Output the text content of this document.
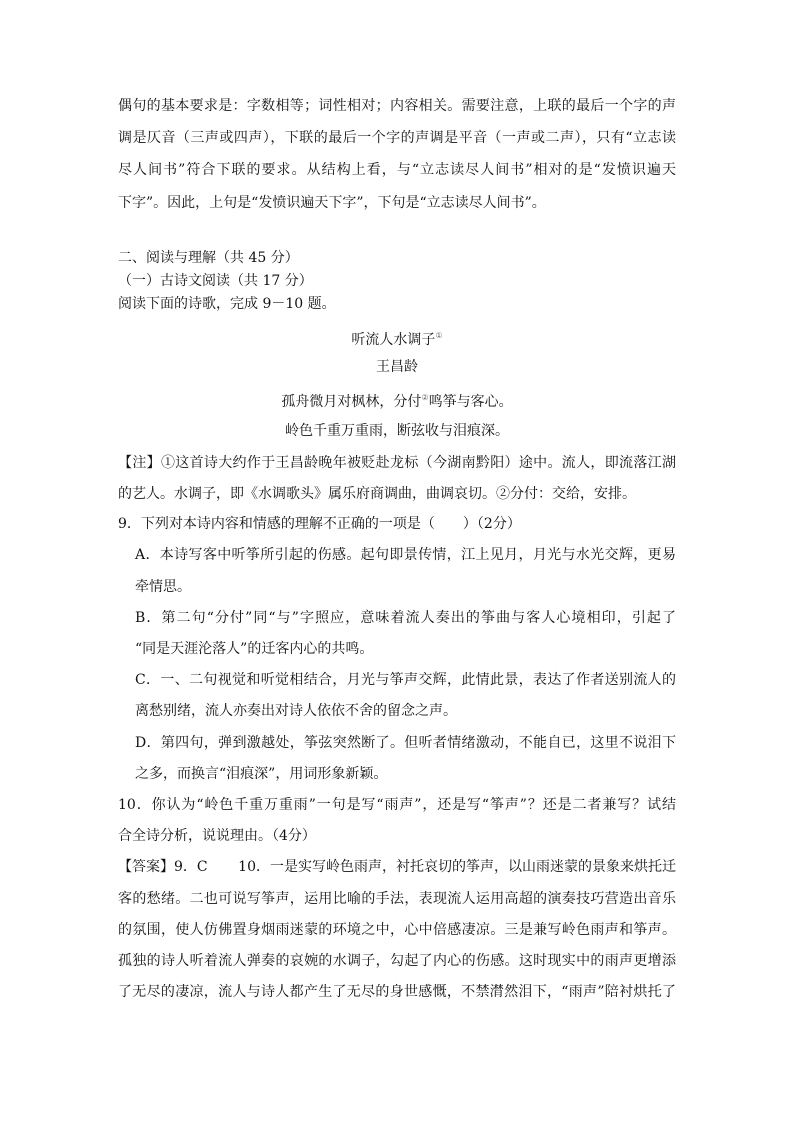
偶句的基本要求是：字数相等；词性相对；内容相关。需要注意，上联的最后一个字的声
调是仄音（三声或四声），下联的最后一个字的声调是平音（一声或二声），只有“立志读
尽人间书”符合下联的要求。从结构上看，与“立志读尽人间书”相对的是“发愤识遍天
下字”。因此，上句是“发愤识遍天下字”，下句是“立志读尽人间书”。
二、阅读与理解（共 45 分）
（一）古诗文阅读（共 17 分）
阅读下面的诗歌，完成 9－10 题。
听流人水调子①
王昌龄
孤舟微月对枫林，分付②鸣筝与客心。
岭色千重万重雨，断弦收与泪痕深。
【注】①这首诗大约作于王昌龄晚年被贬赴龙标（今湖南黔阳）途中。流人，即流落江湖
的艺人。水调子，即《水调歌头》属乐府商调曲，曲调哀切。②分付：交给，安排。
9．下列对本诗内容和情感的理解不正确的一项是（　　）（2分）
A．本诗写客中听筝所引起的伤感。起句即景传情，江上见月，月光与水光交辉，更易
牵情思。
B．第二句“分付”同“与”字照应，意味着流人奏出的筝曲与客人心境相印，引起了
“同是天涯沦落人”的迁客内心的共鸣。
C．一、二句视觉和听觉相结合，月光与筝声交辉，此情此景，表达了作者送别流人的
离愁别绪，流人亦奏出对诗人依依不舍的留念之声。
D．第四句，弹到激越处，筝弦突然断了。但听者情绪激动，不能自已，这里不说泪下
之多，而换言“泪痕深”，用词形象新颖。
10．你认为“岭色千重万重雨”一句是写“雨声”，还是写“筝声”？还是二者兼写？试结
合全诗分析，说说理由。（4分）
【答案】9．C 10．一是实写岭色雨声，衬托哀切的筝声，以山雨迷蒙的景象来烘托迁
客的愁绪。二也可说写筝声，运用比喻的手法，表现流人运用高超的演奏技巧营造出音乐
的氛围，使人仿佛置身烟雨迷蒙的环境之中，心中倍感凄凉。三是兼写岭色雨声和筝声。
孤独的诗人听着流人弹奏的哀婉的水调子，勾起了内心的伤感。这时现实中的雨声更增添
了无尽的凄凉，流人与诗人都产生了无尽的身世感慨，不禁潸然泪下，“雨声”陪衬烘托了
